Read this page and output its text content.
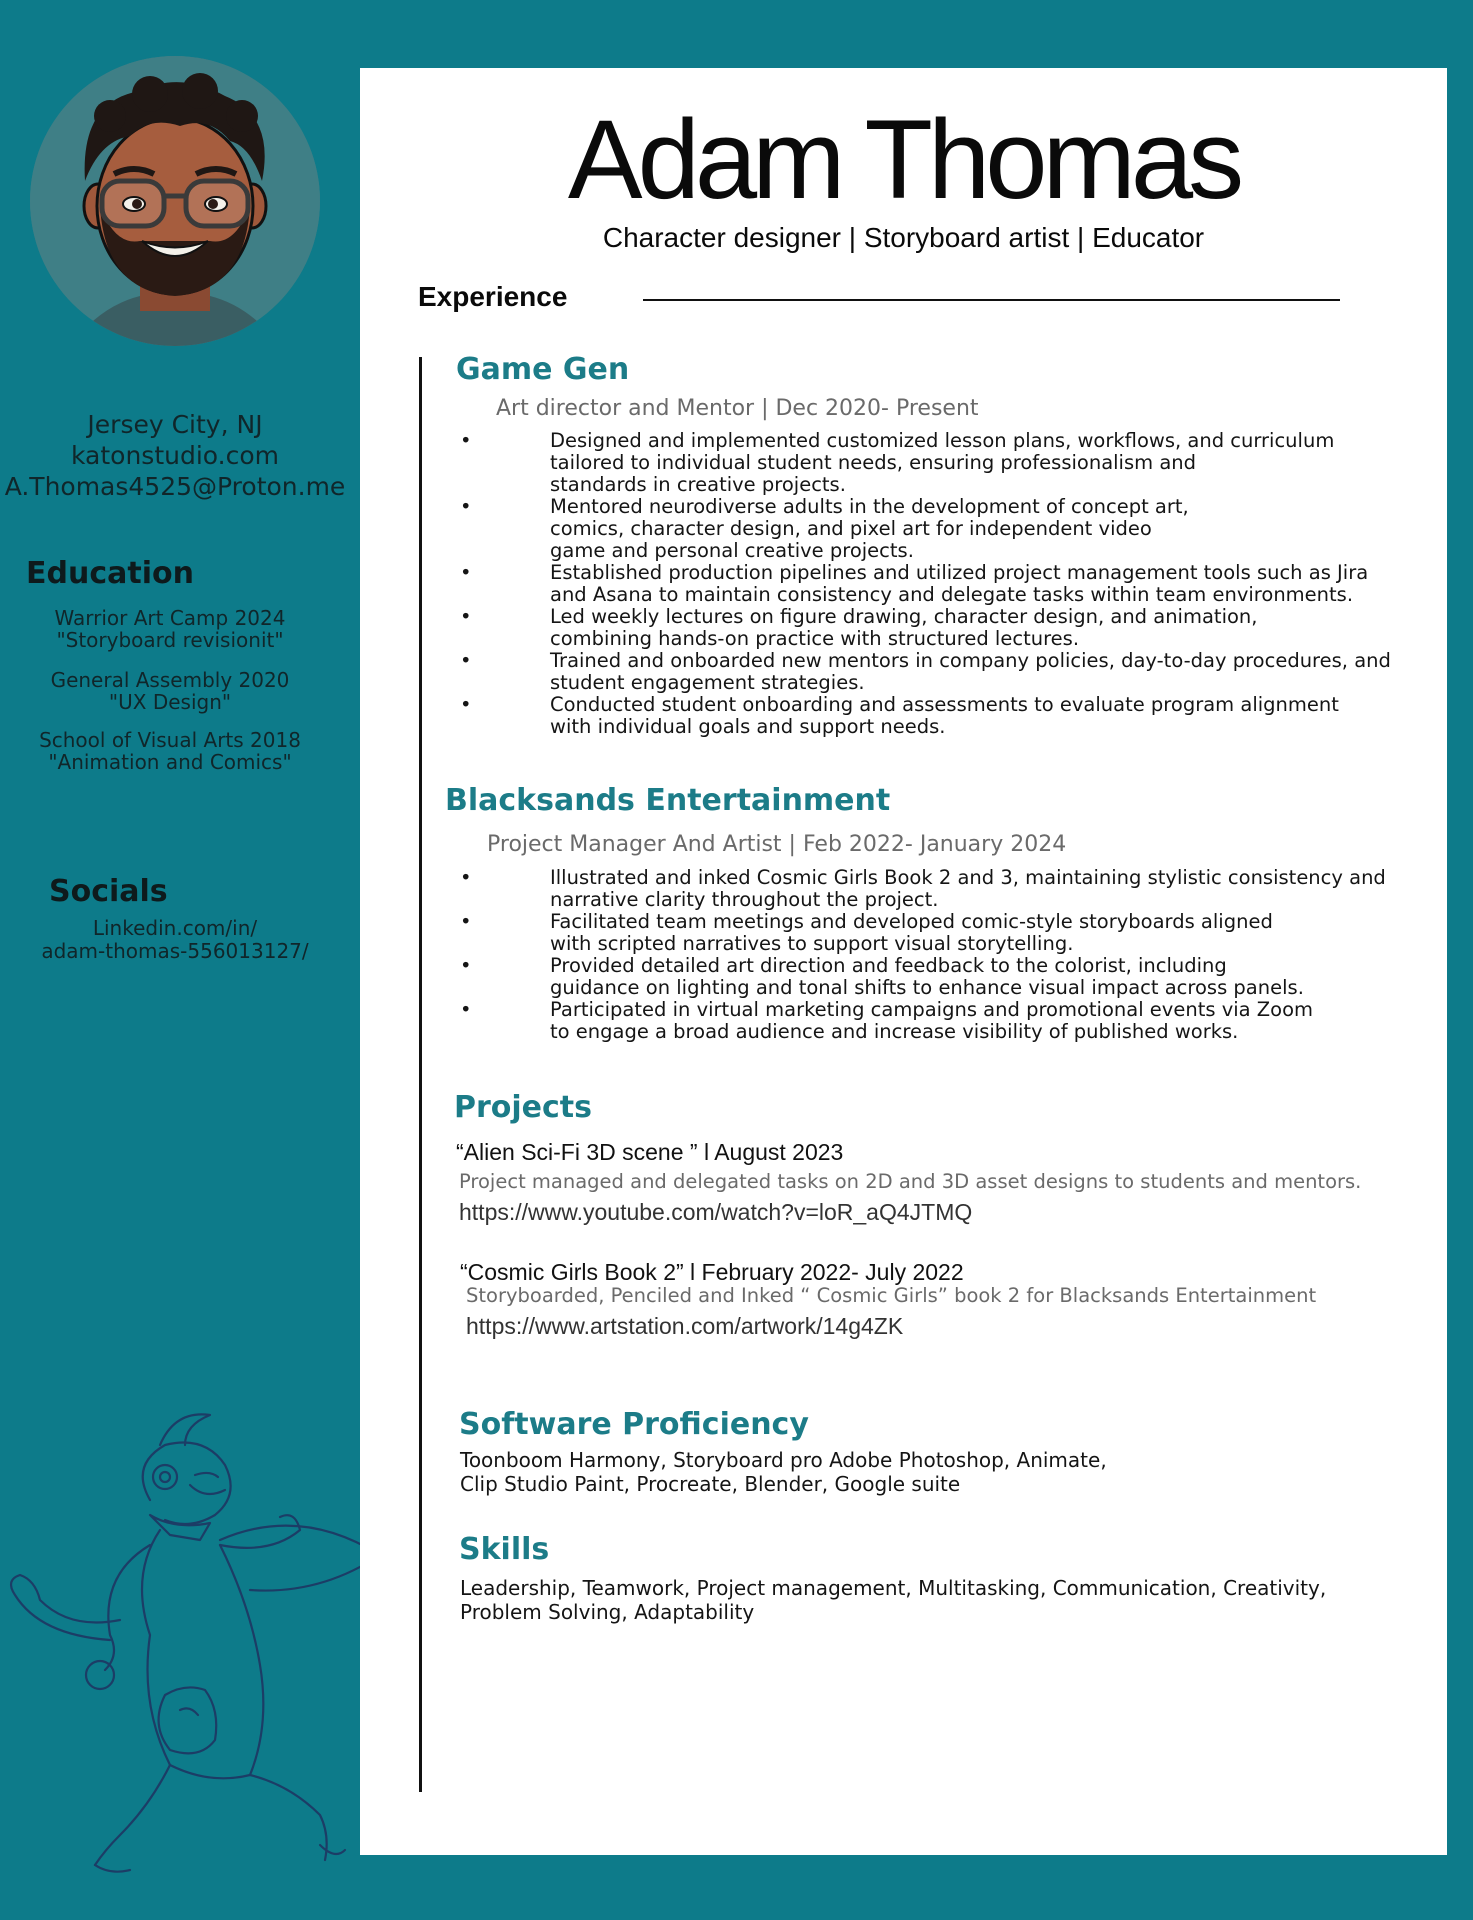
Jersey City, NJ
katonstudio.com
A.Thomas4525@Proton.me
Education
Warrior Art Camp 2024
"Storyboard revisionit"
General Assembly 2020
"UX Design"
School of Visual Arts 2018
"Animation and Comics"
Socials
Linkedin.com/in/
adam-thomas-556013127/
Adam Thomas
Character designer | Storyboard artist | Educator
Experience
Game Gen
Art director and Mentor | Dec 2020- Present
• Designed and implemented customized lesson plans, workflows, and curriculum
tailored to individual student needs, ensuring professionalism and
standards in creative projects.
• Mentored neurodiverse adults in the development of concept art,
comics, character design, and pixel art for independent video
game and personal creative projects.
• Established production pipelines and utilized project management tools such as Jira
and Asana to maintain consistency and delegate tasks within team environments.
• Led weekly lectures on figure drawing, character design, and animation,
combining hands-on practice with structured lectures.
• Trained and onboarded new mentors in company policies, day-to-day procedures, and
student engagement strategies.
• Conducted student onboarding and assessments to evaluate program alignment
with individual goals and support needs.
Blacksands Entertainment
Project Manager And Artist | Feb 2022- January 2024
• Illustrated and inked Cosmic Girls Book 2 and 3, maintaining stylistic consistency and
narrative clarity throughout the project.
• Facilitated team meetings and developed comic-style storyboards aligned
with scripted narratives to support visual storytelling.
• Provided detailed art direction and feedback to the colorist, including
guidance on lighting and tonal shifts to enhance visual impact across panels.
• Participated in virtual marketing campaigns and promotional events via Zoom
to engage a broad audience and increase visibility of published works.
Projects
“Alien Sci-Fi 3D scene ” l August 2023
Project managed and delegated tasks on 2D and 3D asset designs to students and mentors.
https://www.youtube.com/watch?v=loR_aQ4JTMQ
“Cosmic Girls Book 2” l February 2022- July 2022
Storyboarded, Penciled and Inked “ Cosmic Girls” book 2 for Blacksands Entertainment
https://www.artstation.com/artwork/14g4ZK
Software Proficiency
Toonboom Harmony, Storyboard pro Adobe Photoshop, Animate,
Clip Studio Paint, Procreate, Blender, Google suite
Skills
Leadership, Teamwork, Project management, Multitasking, Communication, Creativity,
Problem Solving, Adaptability
